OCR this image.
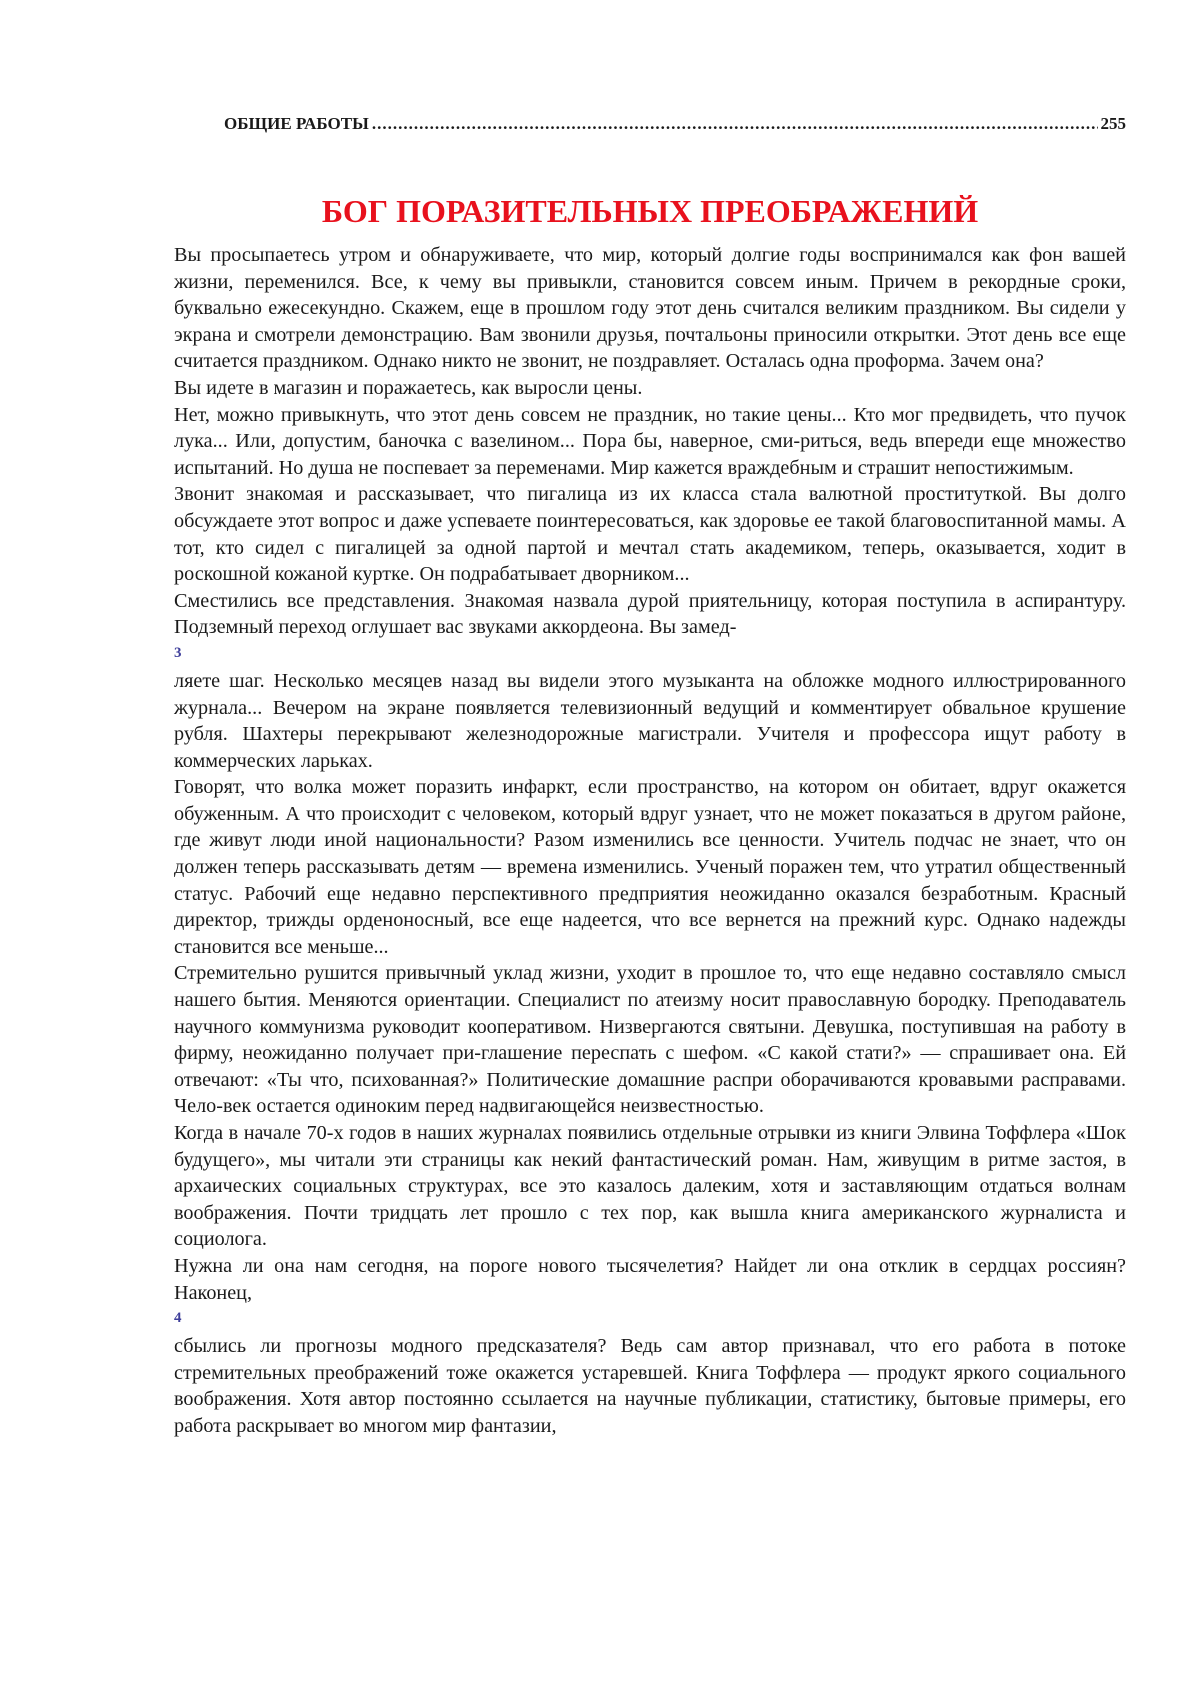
ОБЩИЕ РАБОТЫ
.....	255
БОГ ПОРАЗИТЕЛЬНЫХ ПРЕОБРАЖЕНИЙ

Вы просыпаетесь утром и обнаруживаете, что мир, который долгие годы воспринимался как фон вашей жизни, переменился. Все, к чему вы привыкли, становится совсем иным. Причем в рекордные сроки, буквально ежесекундно. Скажем, еще в прошлом году этот день считался великим праздником. Вы сидели у экрана и смотрели демонстрацию. Вам звонили друзья, почтальоны приносили открытки. Этот день все еще считается праздником. Однако никто не звонит, не поздравляет. Осталась одна проформа. Зачем она?

Вы идете в магазин и поражаетесь, как выросли цены.

Нет, можно привыкнуть, что этот день совсем не праздник, но такие цены... Кто мог предвидеть, что пучок лука... Или, допустим, баночка с вазелином... Пора бы, наверное, сми-риться, ведь впереди еще множество испытаний. Но душа не поспевает за переменами. Мир кажется враждебным и страшит непостижимым.

Звонит знакомая и рассказывает, что пигалица из их класса стала валютной проституткой. Вы долго обсуждаете этот вопрос и даже успеваете поинтересоваться, как здоровье ее такой благовоспитанной мамы. А тот, кто сидел с пигалицей за одной партой и мечтал стать академиком, теперь, оказывается, ходит в роскошной кожаной куртке. Он подрабатывает дворником...

Сместились все представления. Знакомая назвала дурой приятельницу, которая поступила в аспирантуру. Подземный переход оглушает вас звуками аккордеона. Вы замед-

3

ляете шаг. Несколько месяцев назад вы видели этого музыканта на обложке модного иллюстрированного журнала... Вечером на экране появляется телевизионный ведущий и комментирует обвальное крушение рубля. Шахтеры перекрывают железнодорожные магистрали. Учителя и профессора ищут работу в коммерческих ларьках.

Говорят, что волка может поразить инфаркт, если пространство, на котором он обитает, вдруг окажется обуженным. А что происходит с человеком, который вдруг узнает, что не может показаться в другом районе, где живут люди иной национальности? Разом изменились все ценности. Учитель подчас не знает, что он должен теперь рассказывать детям — времена изменились. Ученый поражен тем, что утратил общественный статус. Рабочий еще недавно перспективного предприятия неожиданно оказался безработным. Красный директор, трижды орденоносный, все еще надеется, что все вернется на прежний курс. Однако надежды становится все меньше...

Стремительно рушится привычный уклад жизни, уходит в прошлое то, что еще недавно составляло смысл нашего бытия. Меняются ориентации. Специалист по атеизму носит православную бородку. Преподаватель научного коммунизма руководит кооперативом. Низвергаются святыни. Девушка, поступившая на работу в фирму, неожиданно получает при-глашение переспать с шефом. «С какой стати?» — спрашивает она. Ей отвечают: «Ты что, психованная?» Политические домашние распри оборачиваются кровавыми расправами. Чело-век остается одиноким перед надвигающейся неизвестностью.

Когда в начале 70-х годов в наших журналах появились отдельные отрывки из книги Элвина Тоффлера «Шок будущего», мы читали эти страницы как некий фантастический роман. Нам, живущим в ритме застоя, в архаических социальных структурах, все это казалось далеким, хотя и заставляющим отдаться волнам воображения. Почти тридцать лет прошло с тех пор, как вышла книга американского журналиста и социолога.

Нужна ли она нам сегодня, на пороге нового тысячелетия? Найдет ли она отклик в сердцах россиян? Наконец,

4

сбылись ли прогнозы модного предсказателя? Ведь сам автор признавал, что его работа в потоке стремительных преображений тоже окажется устаревшей. Книга Тоффлера — продукт яркого социального воображения. Хотя автор постоянно ссылается на научные публикации, статистику, бытовые примеры, его работа раскрывает во многом мир фантазии,
